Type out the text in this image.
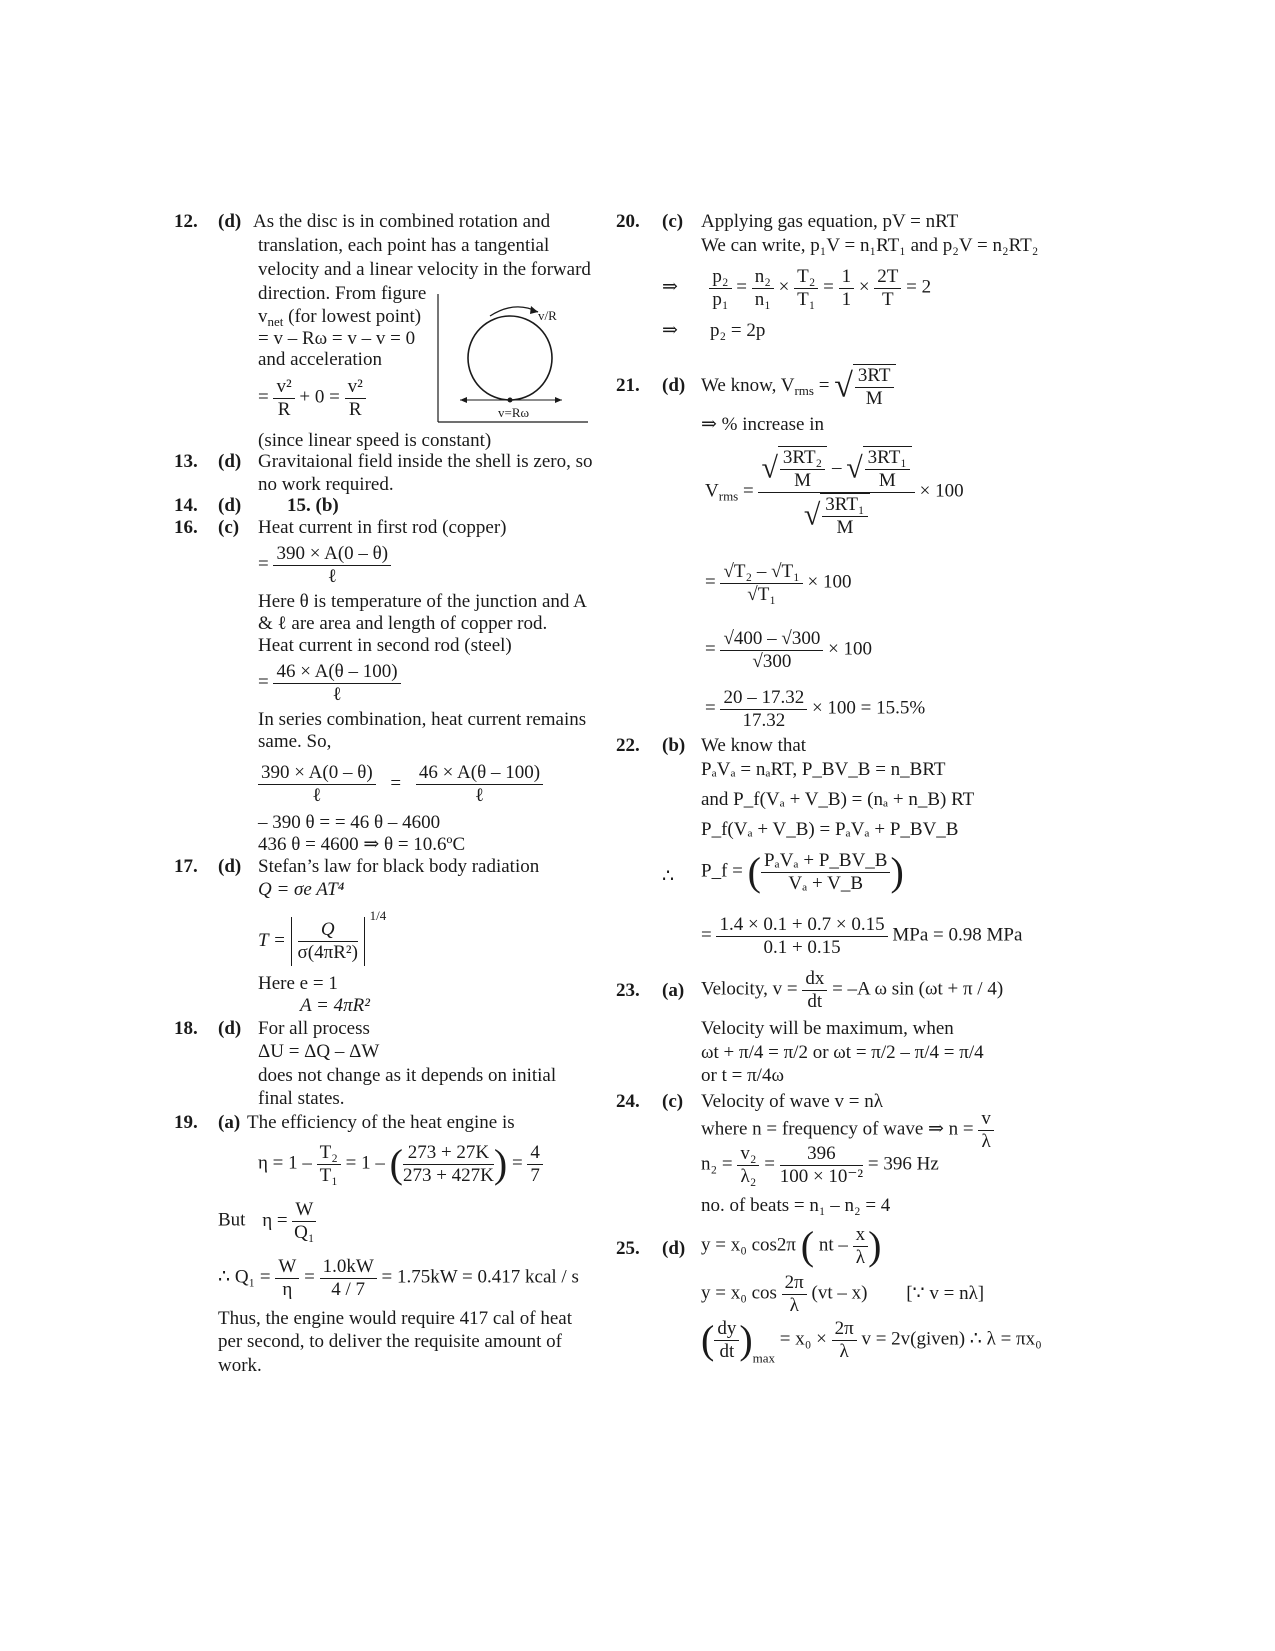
12. (d) As the disc is in combined rotation and
translation, each point has a tangential
velocity and a linear velocity in the forward
direction. From figure
$v_{net}$ (for lowest point)
= v – Rω = v – v = 0
and acceleration
= $\frac{\text{v²}}{R} + 0 = \frac{\text{v²}}{R}$
(since linear speed is constant)
v/R
v=Rω
13. (d) Gravitaional field inside the shell is zero, so
no work required.
14. (d) 15. (b)
16. (c) Heat current in first rod (copper)
= $\frac{390 \times A(0 - \theta)}{\text{ℓ}}$
Here θ is temperature of the junction and A
& ℓ are area and length of copper rod.
Heat current in second rod (steel)
= $\frac{46 \times A(\theta - 100)}{\text{ℓ}}$
In series combination, heat current remains
same. So,
$\frac{390 \times A(0 - \theta)}{\text{ℓ}} = \frac{46 \times A(\theta - 100)}{\text{ℓ}}$
– 390 θ = = 46 θ – 4600
436 θ = 4600 ⇒ θ = 10.6ºC
17. (d) Stefan’s law for black body radiation
Q = σe AT⁴
$T = \frac{Q}{\text{σ(4πR²)}}$
$^{1/4}$
Here e = 1
A = 4πR²
18. (d) For all process
ΔU = ΔQ – ΔW
does not change as it depends on initial
final states.
19. (a) The efficiency of the heat engine is
$\eta = 1 - \frac{\text{T₂}}{\text{T₁}} = 1$ – ( $\frac{273 + 27K}{273 + 427K}$ ) = $\frac{4}{7}$
But $\eta = \frac{W}{\text{Q₁}}$
∴ $Q_1 = \frac{W}{\eta} = \frac{1.0kW}{4 / 7} = 1.75kW = 0.417$ kcal / s
Thus, the engine would require 417 cal of heat
per second, to deliver the requisite amount of
work.
20. (c) Applying gas equation, pV = nRT
We can write, p₁V = n₁RT₁ and p₂V = n₂RT₂
⇒ $\frac{\text{p₂}}{\text{p₁}} = \frac{\text{n₂}}{\text{n₁}} \times \frac{\text{T₂}}{\text{T₁}} = \frac{1}{1} \times \frac{2T}{T} = 2$
⇒ p₂ = 2p
21. (d) We know, $V_{rms}$ = √ $\frac{3RT}{M}$
⇒ % increase in
$V_{rms} = \frac{√ \frac{\text{3RT₂}}{M} - √ \frac{\text{3RT₁}}{M}}{√ \frac{\text{3RT₁}}{M}} \times 100$
= $\frac{\text{√T₂ – √T₁}}{\text{√T₁}} \times 100$
= $\frac{√400 - √300}{√300} \times 100$
= $\frac{20 - 17.32}{17.32} \times 100 = 15.5\%$
22. (b) We know that
PₐVₐ = nₐRT, P_BV_B = n_BRT
and P_f(Vₐ + V_B) = (nₐ + n_B) RT
P_f(Vₐ + V_B) = PₐVₐ + P_BV_B
∴ P_f = ( $\frac{\text{PₐVₐ + P\_BV\_B}}{\text{Vₐ + V\_B}}$ )
= $\frac{1.4 \times 0.1 + 0.7 \times 0.15}{0.1 + 0.15}$ MPa = 0.98 MPa
23. (a) Velocity, $v = \frac{dx}{dt} = -A$ ω sin (ωt + π / 4)
Velocity will be maximum, when
ωt + π/4 = π/2 or ωt = π/2 – π/4 = π/4
or t = π/4ω
24. (c) Velocity of wave v = nλ
where n = frequency of wave ⇒ $n = \frac{v}{\lambda}$
$n_2 = \frac{\text{v₂}}{\text{λ₂}} = \frac{396}{\text{100 × 10⁻²}} = 396$ Hz
no. of beats = n₁ – n₂ = 4
25. (d) y = x₀ cos2π ( nt – $\frac{x}{\lambda}$ )
y = x₀ $\cos \frac{2\pi}{\lambda} (vt - x)$ [∵ v = nλ]
( $\frac{dy}{dt} )_{max} = x_0 \times \frac{2\pi}{\lambda}$ v = 2v(given) ∴ λ = πx₀
